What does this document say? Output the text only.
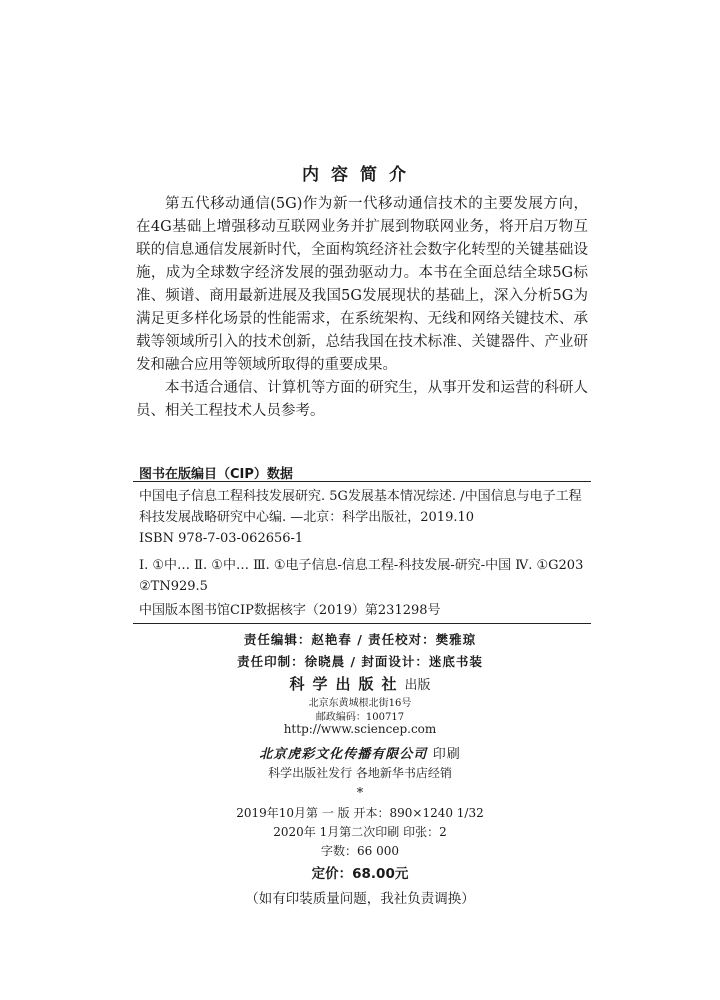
内容简介

第五代移动通信(5G)作为新一代移动通信技术的主要发展方向，在4G基础上增强移动互联网业务并扩展到物联网业务，将开启万物互联的信息通信发展新时代，全面构筑经济社会数字化转型的关键基础设施，成为全球数字经济发展的强劲驱动力。本书在全面总结全球5G标准、频谱、商用最新进展及我国5G发展现状的基础上，深入分析5G为满足更多样化场景的性能需求，在系统架构、无线和网络关键技术、承载等领域所引入的技术创新，总结我国在技术标准、关键器件、产业研发和融合应用等领域所取得的重要成果。

本书适合通信、计算机等方面的研究生，从事开发和运营的科研人员、相关工程技术人员参考。

图书在版编目（CIP）数据
中国电子信息工程科技发展研究. 5G发展基本情况综述. /中国信息与电子工程科技发展战略研究中心编. —北京：科学出版社，2019.10
ISBN 978-7-03-062656-1
Ⅰ. ①中… Ⅱ. ①中… Ⅲ. ①电子信息-信息工程-科技发展-研究-中国 Ⅳ. ①G203 ②TN929.5
中国版本图书馆CIP数据核字（2019）第231298号
责任编辑：赵艳春 / 责任校对：樊雅琼
责任印制：徐晓晨 / 封面设计：迷底书装
科学出版社出版
北京东黄城根北街16号
邮政编码：100717
http://www.sciencep.com
北京虎彩文化传播有限公司 印刷
科学出版社发行 各地新华书店经销
*
2019年10月第 一 版 开本：890×1240 1/32
2020年 1月第二次印刷 印张：2
字数：66 000
定价：68.00元
（如有印装质量问题，我社负责调换）
